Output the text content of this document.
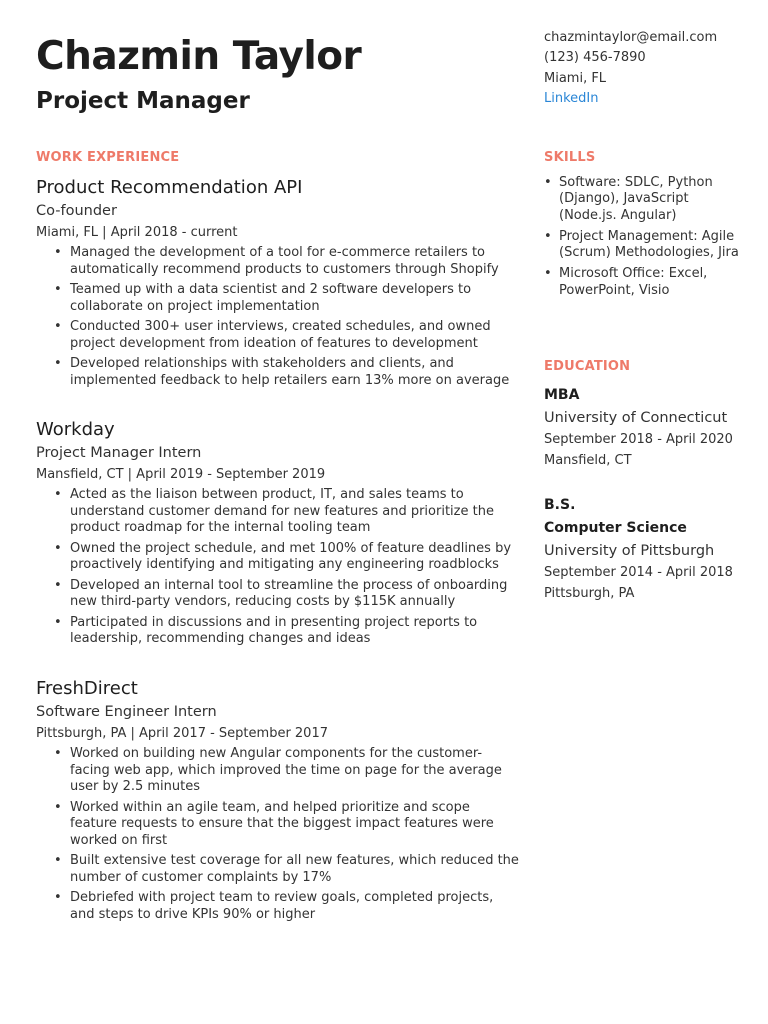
Chazmin Taylor
Project Manager
chazmintaylor@email.com
(123) 456-7890
Miami, FL
LinkedIn
WORK EXPERIENCE	SKILLS
EDUCATION
Product Recommendation API
Co-founder
Miami, FL | April 2018 - current
• Managed the development of a tool for e-commerce retailers to automatically recommend products to customers through Shopify
• Teamed up with a data scientist and 2 software developers to collaborate on project implementation
• Conducted 300+ user interviews, created schedules, and owned project development from ideation of features to development
• Developed relationships with stakeholders and clients, and implemented feedback to help retailers earn 13% more on average
Workday
Project Manager Intern
Mansfield, CT | April 2019 - September 2019
• Acted as the liaison between product, IT, and sales teams to understand customer demand for new features and prioritize the product roadmap for the internal tooling team
• Owned the project schedule, and met 100% of feature deadlines by proactively identifying and mitigating any engineering roadblocks
• Developed an internal tool to streamline the process of onboarding new third-party vendors, reducing costs by $115K annually
• Participated in discussions and in presenting project reports to leadership, recommending changes and ideas
FreshDirect
Software Engineer Intern
Pittsburgh, PA | April 2017 - September 2017
• Worked on building new Angular components for the customer-facing web app, which improved the time on page for the average user by 2.5 minutes
• Worked within an agile team, and helped prioritize and scope feature requests to ensure that the biggest impact features were worked on first
• Built extensive test coverage for all new features, which reduced the number of customer complaints by 17%
• Debriefed with project team to review goals, completed projects, and steps to drive KPIs 90% or higher
• Software: SDLC, Python (Django), JavaScript (Node.js. Angular)
• Project Management: Agile (Scrum) Methodologies, Jira
• Microsoft Office: Excel, PowerPoint, Visio
MBA
University of Connecticut
September 2018 - April 2020
Mansfield, CT
B.S.
Computer Science
University of Pittsburgh
September 2014 - April 2018
Pittsburgh, PA
